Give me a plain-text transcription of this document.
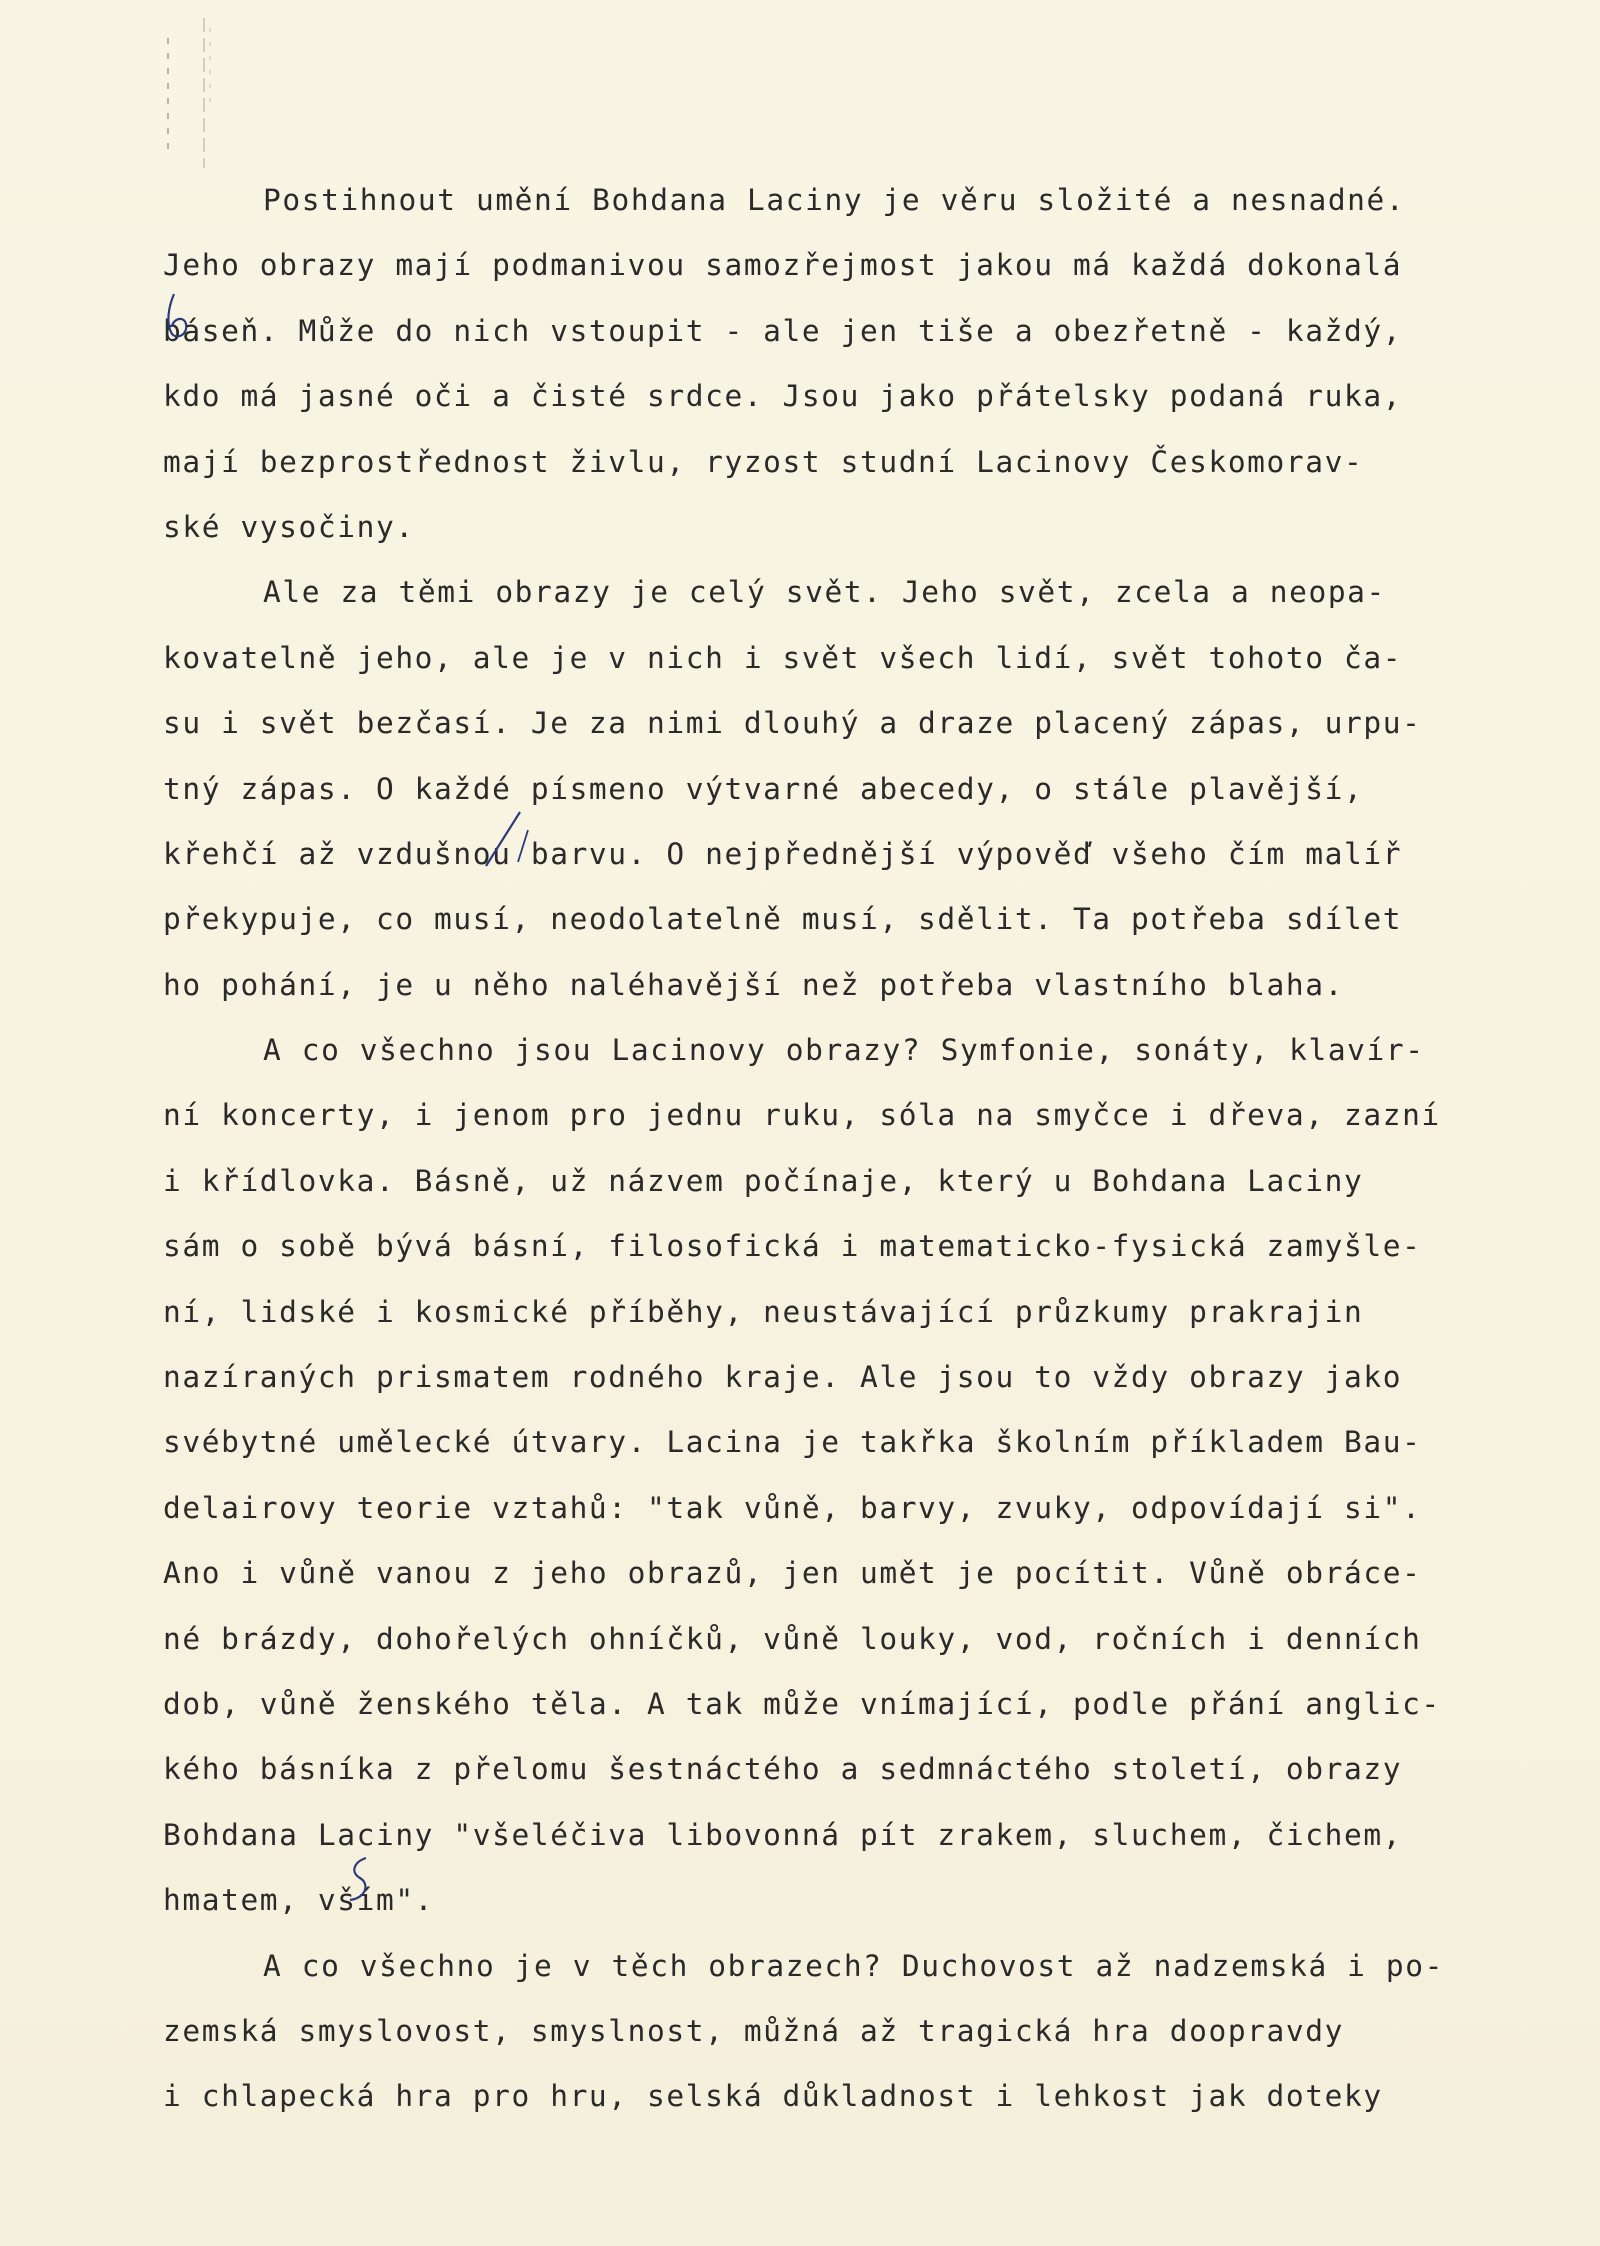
Postihnout umění Bohdana Laciny je věru složité a nesnadné.
Jeho obrazy mají podmanivou samozřejmost jakou má každá dokonalá
báseň. Může do nich vstoupit - ale jen tiše a obezřetně - každý,
kdo má jasné oči a čisté srdce. Jsou jako přátelsky podaná ruka,
mají bezprostřednost živlu, ryzost studní Lacinovy Českomorav-
ské vysočiny.
Ale za těmi obrazy je celý svět. Jeho svět, zcela a neopa-
kovatelně jeho, ale je v nich i svět všech lidí, svět tohoto ča-
su i svět bezčasí. Je za nimi dlouhý a draze placený zápas, urpu-
tný zápas. O každé písmeno výtvarné abecedy, o stále plavější,
křehčí až vzdušnou barvu. O nejpřednější výpověď všeho čím malíř
překypuje, co musí, neodolatelně musí, sdělit. Ta potřeba sdílet
ho pohání, je u něho naléhavější než potřeba vlastního blaha.
A co všechno jsou Lacinovy obrazy? Symfonie, sonáty, klavír-
ní koncerty, i jenom pro jednu ruku, sóla na smyčce i dřeva, zazní
i křídlovka. Básně, už názvem počínaje, který u Bohdana Laciny
sám o sobě bývá básní, filosofická i matematicko-fysická zamyšle-
ní, lidské i kosmické příběhy, neustávající průzkumy prakrajin
nazíraných prismatem rodného kraje. Ale jsou to vždy obrazy jako
svébytné umělecké útvary. Lacina je takřka školním příkladem Bau-
delairovy teorie vztahů: "tak vůně, barvy, zvuky, odpovídají si".
Ano i vůně vanou z jeho obrazů, jen umět je pocítit. Vůně obráce-
né brázdy, dohořelých ohníčků, vůně louky, vod, ročních i denních
dob, vůně ženského těla. A tak může vnímající, podle přání anglic-
kého básníka z přelomu šestnáctého a sedmnáctého století, obrazy
Bohdana Laciny "všeléčiva libovonná pít zrakem, sluchem, čichem,
hmatem, vším".
A co všechno je v těch obrazech? Duchovost až nadzemská i po-
zemská smyslovost, smyslnost, můžná až tragická hra doopravdy
i chlapecká hra pro hru, selská důkladnost i lehkost jak doteky
